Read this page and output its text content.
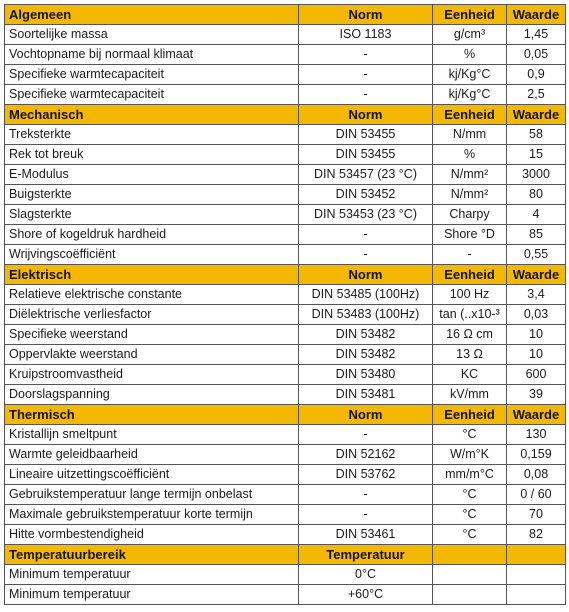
Algemeen	Norm	Eenheid	Waarde
Soortelijke massa	ISO 1183	g/cm³	1,45
Vochtopname bij normaal klimaat	-	%	0,05
Specifieke warmtecapaciteit	-	kj/Kg°C	0,9
Specifieke warmtecapaciteit	-	kj/Kg°C	2,5
Mechanisch	Norm	Eenheid	Waarde
Treksterkte	DIN 53455	N/mm	58
Rek tot breuk	DIN 53455	%	15
E-Modulus	DIN 53457 (23 °C)	N/mm²	3000
Buigsterkte	DIN 53452	N/mm²	80
Slagsterkte	DIN 53453 (23 °C)	Charpy	4
Shore of kogeldruk hardheid	-	Shore °D	85
Wrijvingscoëfficiënt	-	-	0,55
Elektrisch	Norm	Eenheid	Waarde
Relatieve elektrische constante	DIN 53485 (100Hz)	100 Hz	3,4
Diëlektrische verliesfactor	DIN 53483 (100Hz)	tan (..x10-³	0,03
Specifieke weerstand	DIN 53482	16 Ω cm	10
Oppervlakte weerstand	DIN 53482	13 Ω	10
Kruipstroomvastheid	DIN 53480	KC	600
Doorslagspanning	DIN 53481	kV/mm	39
Thermisch	Norm	Eenheid	Waarde
Kristallijn smeltpunt	-	°C	130
Warmte geleidbaarheid	DIN 52162	W/m°K	0,159
Lineaire uitzettingscoëfficiënt	DIN 53762	mm/m°C	0,08
Gebruikstemperatuur lange termijn onbelast	-	°C	0 / 60
Maximale gebruikstemperatuur korte termijn	-	°C	70
Hitte vormbestendigheid	DIN 53461	°C	82
Temperatuurbereik	Temperatuur		
Minimum temperatuur	0°C		
Minimum temperatuur	+60°C		
